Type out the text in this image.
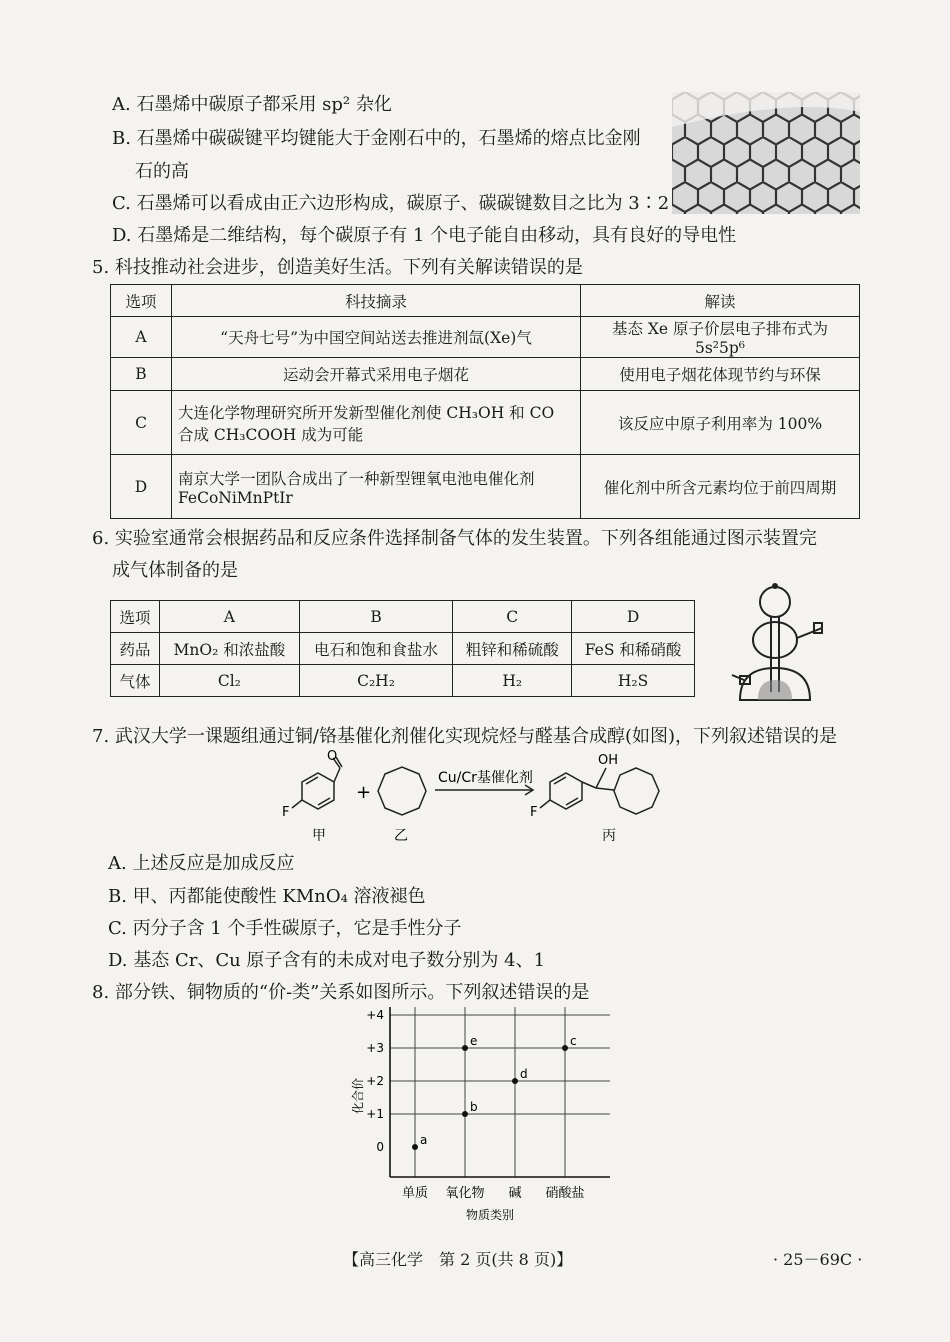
A. 石墨烯中碳原子都采用 sp² 杂化
B. 石墨烯中碳碳键平均键能大于金刚石中的，石墨烯的熔点比金刚
石的高
C. 石墨烯可以看成由正六边形构成，碳原子、碳碳键数目之比为 3∶2
D. 石墨烯是二维结构，每个碳原子有 1 个电子能自由移动，具有良好的导电性
5. 科技推动社会进步，创造美好生活。下列有关解读错误的是
选项	科技摘录	解读
A	“天舟七号”为中国空间站送去推进剂氙(Xe)气	基态 Xe 原子价层电子排布式为 5s²5p⁶
B	运动会开幕式采用电子烟花	使用电子烟花体现节约与环保
C	大连化学物理研究所开发新型催化剂使 CH₃OH 和 CO
合成 CH₃COOH 成为可能	该反应中原子利用率为 100%
D	南京大学一团队合成出了一种新型锂氧电池电催化剂
FeCoNiMnPtIr	催化剂中所含元素均位于前四周期
6. 实验室通常会根据药品和反应条件选择制备气体的发生装置。下列各组能通过图示装置完
成气体制备的是
选项	A	B	C	D
药品	MnO₂ 和浓盐酸	电石和饱和食盐水	粗锌和稀硫酸	FeS 和稀硝酸
气体	Cl₂	C₂H₂	H₂	H₂S
7. 武汉大学一课题组通过铜/铬基催化剂催化实现烷烃与醛基合成醇(如图)，下列叙述错误的是
F
O
+
Cu/Cr基催化剂
F
OH
甲	乙	丙
A. 上述反应是加成反应
B. 甲、丙都能使酸性 KMnO₄ 溶液褪色
C. 丙分子含 1 个手性碳原子，它是手性分子
D. 基态 Cr、Cu 原子含有的未成对电子数分别为 4、1
8. 部分铁、铜物质的“价-类”关系如图所示。下列叙述错误的是
0
+1
+2
+3
+4
单质 氧化物 碱 硝酸盐
a
b
e
d
c
化合价
物质类别
【高三化学　第 2 页(共 8 页)】	· 25－69C ·
